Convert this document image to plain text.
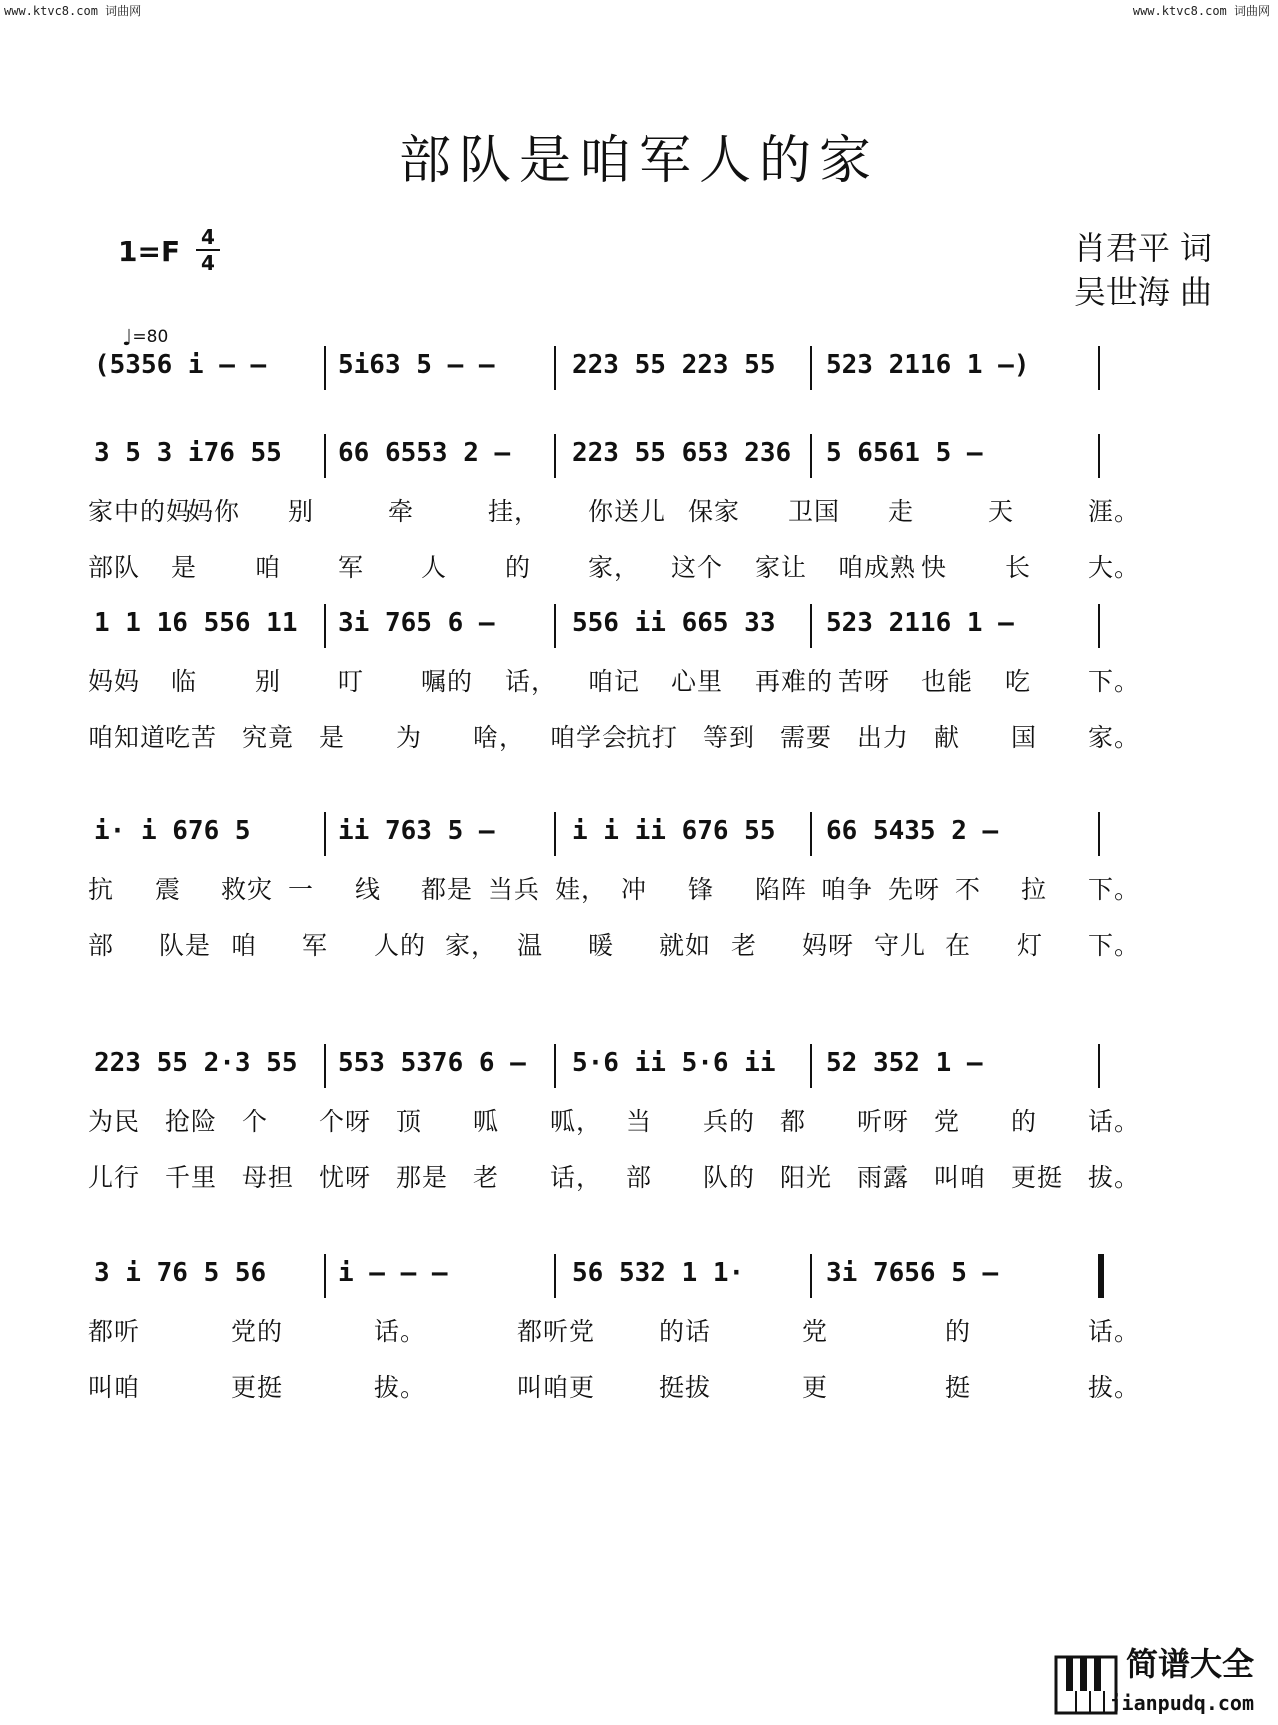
www.ktvc8.com 词曲网	www.ktvc8.com 词曲网
部队是咱军人的家
1=F 4
4	肖君平 词
吴世海 曲
♩=80
(5356 i – –	5i63 5 – –	223 55 223 55 523 2116 1 –)
3 5 3 i76 55 66 6553 2 – 223 55 653 236 5 6561 5 –
家中的妈
妈你 别	牵	挂， 你送儿 保家 卫国 走	天	涯。
部队 是 咱 军 人 的 家， 这个 家让 咱成熟 快 长 大。
1 1 16 556 11 3i 765 6 –	556 ii 665 33 523 2116 1 –
妈妈 临 别 叮 嘱的 话， 咱记 心里 再难的 苦呀 也能 吃 下。
咱知道
吃苦 究竟 是 为 啥， 咱学会
抗打 等到 需要 出力 献 国 家。
i· i 676 5	ii 763 5 –	i i ii 676 55 66 5435 2 –
抗 震 救灾 一 线 都是 当兵 娃， 冲 锋 陷阵 咱争 先呀 不 拉 下。
部 队是 咱 军 人的 家， 温 暖 就如 老 妈呀 守儿 在 灯 下。
223 55 2·3 55 553 5376 6 – 5·6 ii 5·6 ii 52 352 1 –
为民 抢险 个 个呀 顶 呱 呱， 当 兵的 都 听呀 党 的 话。
儿行 千里 母担 忧呀 那是 老 话， 部 队的 阳光 雨露 叫咱 更挺 拔。
3 i 76 5 56	i – – –	56 532 1 1·	3i 7656 5 –
都听	党的	话。	都听党	的话	党	的	话。
叫咱	更挺	拔。	叫咱更	挺拔	更	挺	拔。
简谱大全
jianpudq.com
